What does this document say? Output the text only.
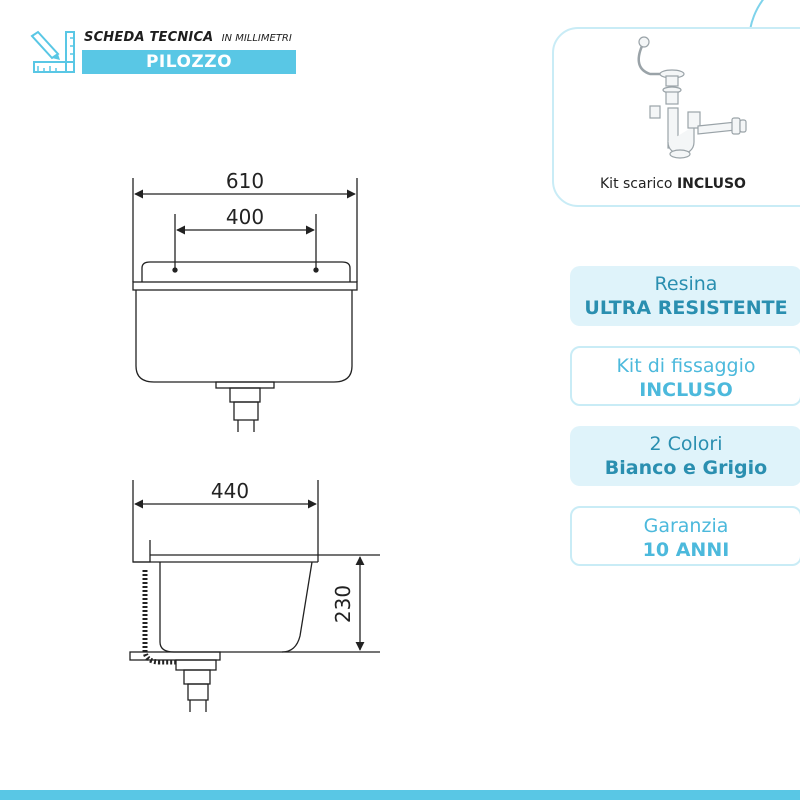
SCHEDA TECNICA IN MILLIMETRI
PILOZZO
Kit scarico INCLUSO
Resina
ULTRA RESISTENTE
Kit di fissaggio
INCLUSO
2 Colori
Bianco e Grigio
Garanzia
10 ANNI
610
400
440
230
